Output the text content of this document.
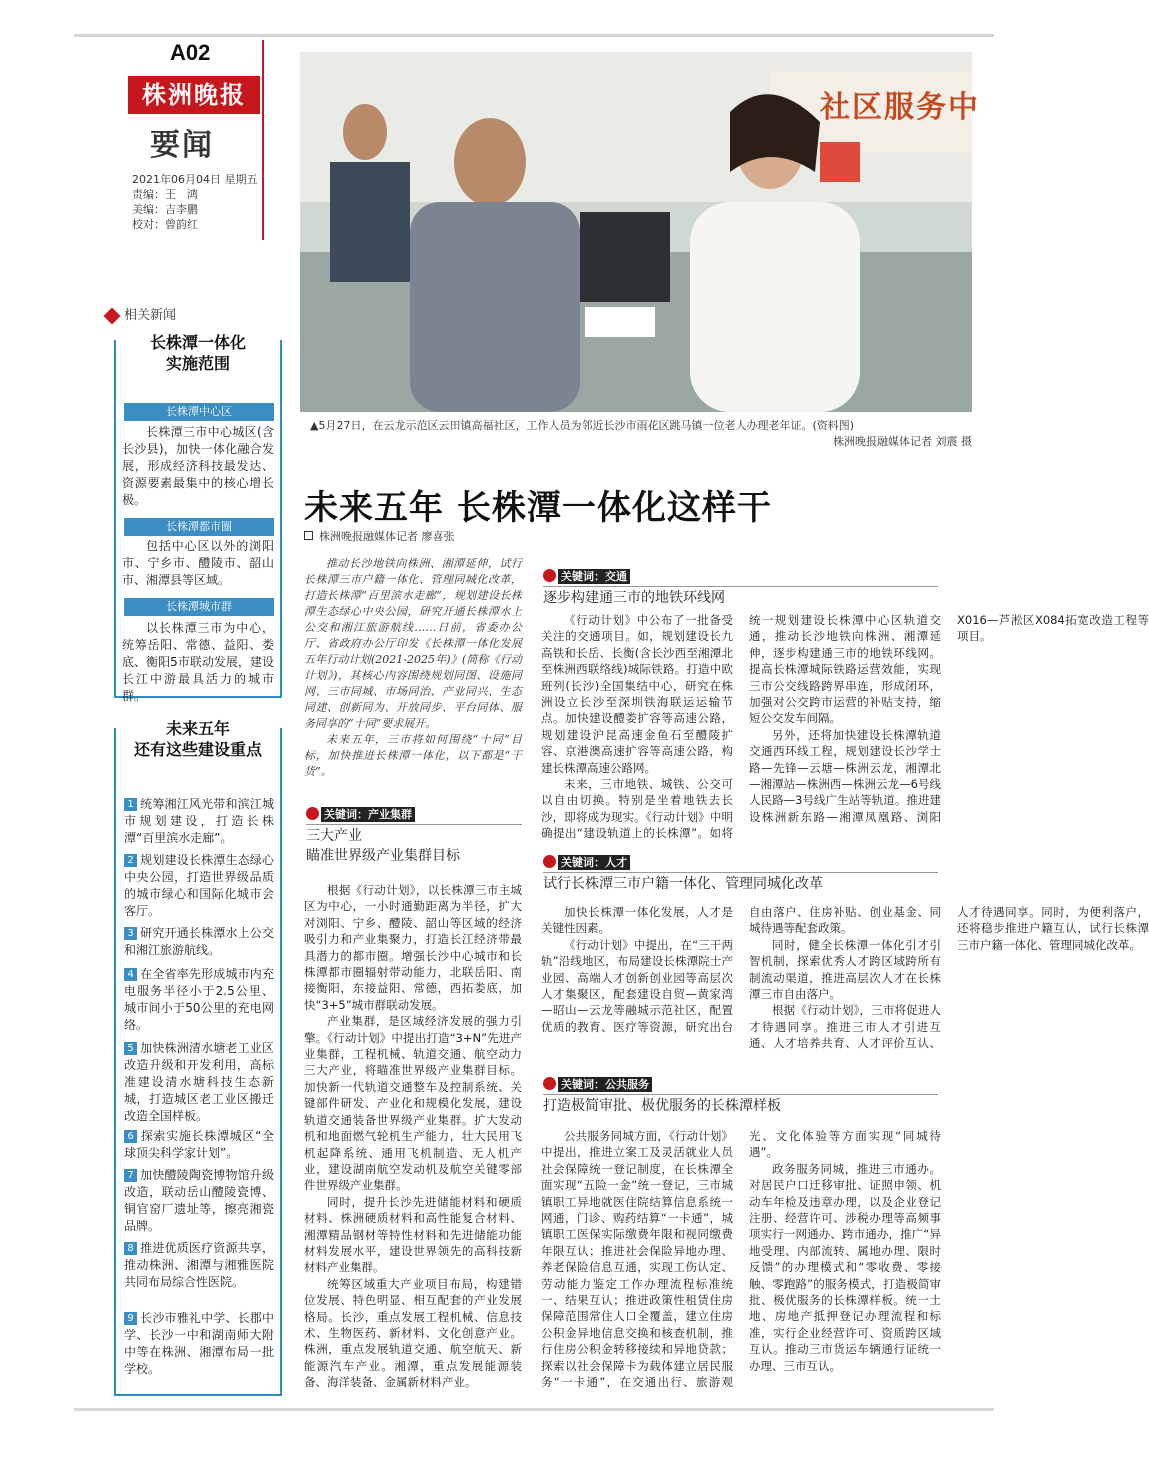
A02
株洲晚报
要闻
2021年06月04日 星期五
责编：王　鸿
美编：吉李鹏
校对：曾韵红
社区服务中
▲5月27日，在云龙示范区云田镇高福社区，工作人员为邻近长沙市雨花区跳马镇一位老人办理老年证。(资料图)
株洲晚报融媒体记者 刘震 摄
相关新闻
长株潭一体化
实施范围
长株潭中心区
长株潭三市中心城区(含长沙县)，加快一体化融合发展，形成经济科技最发达、资源要素最集中的核心增长极。
长株潭都市圈
包括中心区以外的浏阳市、宁乡市、醴陵市、韶山市、湘潭县等区域。
长株潭城市群
以长株潭三市为中心，统筹岳阳、常德、益阳、娄底、衡阳5市联动发展，建设长江中游最具活力的城市群。
未来五年
还有这些建设重点
1 统筹湘江风光带和滨江城市规划建设，打造长株潭“百里滨水走廊”。
2 规划建设长株潭生态绿心中央公园，打造世界级品质的城市绿心和国际化城市会客厅。
3 研究开通长株潭水上公交和湘江旅游航线。
4 在全省率先形成城市内充电服务半径小于2.5公里、城市间小于50公里的充电网络。
5 加快株洲清水塘老工业区改造升级和开发利用，高标准建设清水塘科技生态新城，打造城区老工业区搬迁改造全国样板。
6 探索实施长株潭城区“全球顶尖科学家计划”。
7 加快醴陵陶瓷博物馆升级改造，联动岳山醴陵瓷博、铜官窑厂遗址等，擦亮湘瓷品牌。
8 推进优质医疗资源共享，推动株洲、湘潭与湘雅医院共同布局综合性医院。
9 长沙市雅礼中学、长郡中学、长沙一中和湖南师大附中等在株洲、湘潭布局一批学校。
未来五年 长株潭一体化这样干
株洲晚报融媒体记者 廖喜张
推动长沙地铁向株洲、湘潭延伸，试行长株潭三市户籍一体化、管理同城化改革，打造长株潭“百里滨水走廊”，规划建设长株潭生态绿心中央公园，研究开通长株潭水上公交和湘江旅游航线……日前，省委办公厅、省政府办公厅印发《长株潭一体化发展五年行动计划(2021-2025年)》(简称《行动计划》)，其核心内容围绕规划同图、设施同网、三市同城、市场同治、产业同兴、生态同建、创新同为、开放同步、平台同体、服务同享的“十同”要求展开。
未来五年，三市将如何围绕“十同”目标，加快推进长株潭一体化，以下都是“干货”。
关键词：产业集群
三大产业
瞄准世界级产业集群目标

根据《行动计划》，以长株潭三市主城区为中心，一小时通勤距离为半径，扩大对浏阳、宁乡、醴陵、韶山等区域的经济吸引力和产业集聚力，打造长江经济带最具潜力的都市圈。增强长沙中心城市和长株潭都市圈辐射带动能力，北联岳阳、南接衡阳，东接益阳、常德，西拓娄底，加快“3+5”城市群联动发展。

产业集群，是区域经济发展的强力引擎。《行动计划》中提出打造“3+N”先进产业集群，工程机械、轨道交通、航空动力三大产业，将瞄准世界级产业集群目标。加快新一代轨道交通整车及控制系统、关键部件研发、产业化和规模化发展，建设轨道交通装备世界级产业集群。扩大发动机和地面燃气轮机生产能力，壮大民用飞机起降系统、通用飞机制造、无人机产业，建设湖南航空发动机及航空关键零部件世界级产业集群。

同时，提升长沙先进储能材料和硬质材料、株洲硬质材料和高性能复合材料、湘潭精品钢材等特性材料和先进储能功能材料发展水平，建设世界领先的高科技新材料产业集群。

统筹区域重大产业项目布局，构建错位发展、特色明显、相互配套的产业发展格局。长沙，重点发展工程机械、信息技术、生物医药、新材料、文化创意产业。株洲，重点发展轨道交通、航空航天、新能源汽车产业。湘潭，重点发展能源装备、海洋装备、金属新材料产业。

关键词：交通
逐步构建通三市的地铁环线网

《行动计划》中公布了一批备受关注的交通项目。如，规划建设长九高铁和长岳、长衡(含长沙西至湘潭北至株洲西联络线)城际铁路。打造中欧班列(长沙)全国集结中心，研究在株洲设立长沙至深圳铁海联运运输节点。加快建设醴娄扩容等高速公路，规划建设沪昆高速金鱼石至醴陵扩容、京港澳高速扩容等高速公路，构建长株潭高速公路网。

未来，三市地铁、城铁、公交可以自由切换。特别是坐着地铁去长沙，即将成为现实。《行动计划》中明确提出“建设轨道上的长株潭”。如将统一规划建设长株潭中心区轨道交通，推动长沙地铁向株洲、湘潭延伸，逐步构建通三市的地铁环线网。提高长株潭城际铁路运营效能，实现三市公交线路跨界串连，形成闭环，加强对公交跨市运营的补贴支持，缩短公交发车间隔。

另外，还将加快建设长株潭轨道交通西环线工程，规划建设长沙学士路—先锋—云塘—株洲云龙，湘潭北—湘潭站—株洲西—株洲云龙—6号线人民路—3号线广生站等轨道。推进建设株洲新东路—湘潭凤凰路、浏阳X016—芦淞区X084拓宽改造工程等项目。

关键词：人才
试行长株潭三市户籍一体化、管理同城化改革

加快长株潭一体化发展，人才是关键性因素。

《行动计划》中提出，在“三干两轨”沿线地区，布局建设长株潭院士产业园、高端人才创新创业园等高层次人才集聚区，配套建设自贸—黄家湾—昭山—云龙等融城示范社区，配置优质的教育、医疗等资源，研究出台自由落户、住房补贴、创业基金、同城待遇等配套政策。

同时，健全长株潭一体化引才引智机制，探索优秀人才跨区域跨所有制流动渠道，推进高层次人才在长株潭三市自由落户。

根据《行动计划》，三市将促进人才待遇同享。推进三市人才引进互通、人才培养共育、人才评价互认、人才待遇同享。同时，为便利落户，还将稳步推进户籍互认，试行长株潭三市户籍一体化、管理同城化改革。

关键词：公共服务
打造极简审批、极优服务的长株潭样板

公共服务同城方面，《行动计划》中提出，推进立案工及灵活就业人员社会保障统一登记制度，在长株潭全面实现“五险一金”统一登记，三市城镇职工异地就医住院结算信息系统一网通，门诊、购药结算“一卡通”，城镇职工医保实际缴费年限和视同缴费年限互认；推进社会保险异地办理、养老保险信息互通，实现工伤认定、劳动能力鉴定工作办理流程标准统一、结果互认；推进政策性租赁住房保障范围常住人口全覆盖，建立住房公积金异地信息交换和核查机制，推行住房公积金转移接续和异地贷款；探索以社会保障卡为载体建立居民服务“一卡通”，在交通出行、旅游观光、文化体验等方面实现“同城待遇”。

政务服务同城，推进三市通办。对居民户口迁移审批、证照申领、机动车年检及违章办理，以及企业登记注册、经营许可、涉税办理等高频事项实行一网通办、跨市通办，推广“异地受理、内部流转、属地办理、限时反馈”的办理模式和“零收费、零接触、零跑路”的服务模式，打造极简审批、极优服务的长株潭样板。统一土地、房地产抵押登记办理流程和标准，实行企业经营许可、资质跨区域互认。推动三市货运车辆通行证统一办理、三市互认。
